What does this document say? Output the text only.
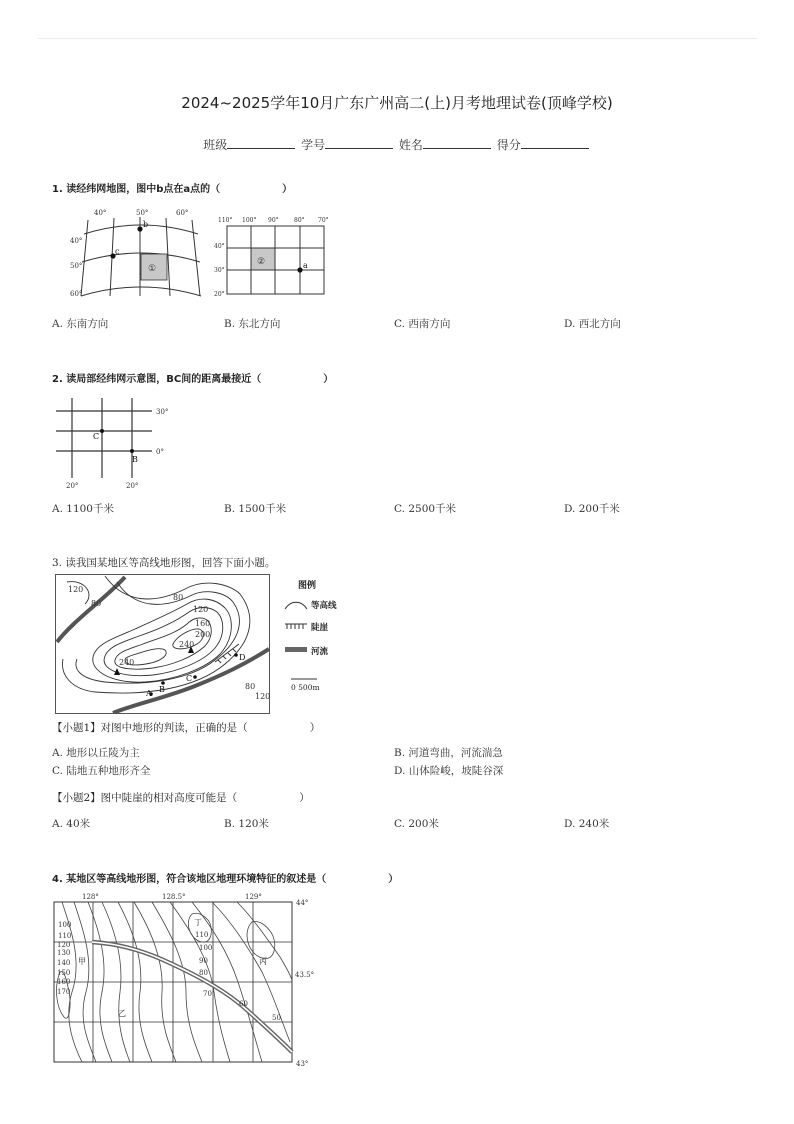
2024~2025学年10月广东广州高二(上)月考地理试卷(顶峰学校)
班级	学号	姓名	得分
1. 读经纬网地图，图中b点在a点的（	）
40°	50°	60°
40°
50°
60°
①
b
c
110° 100° 90°	80° 70°
40°
30°
20°
②	a
A. 东南方向	B. 东北方向	C. 西南方向	D. 西北方向
2. 读局部经纬网示意图，BC间的距离最接近（	）
30°
0°
20°	20°
C
B
A. 1100千米	B. 1500千米	C. 2500千米	D. 200千米
3. 读我国某地区等高线地形图，回答下面小题。
120
80
80
120
160
200
240
240
80
120
A B
C
D
图例
等高线
陡崖
河流
0 500m
【小题1】对图中地形的判读，正确的是（	）
A. 地形以丘陵为主	B. 河道弯曲，河流湍急
C. 陆地五种地形齐全	D. 山体险峻，坡陡谷深
【小题2】图中陡崖的相对高度可能是（	）
A. 40米	B. 120米	C. 200米	D. 240米
4. 某地区等高线地形图，符合该地区地理环境特征的叙述是（	）
128°	128.5°	129°
44°
43.5°
43°
100
110
120
130
140
150
160
170
110
100
90
80
70
60
50
甲
乙
丙
丁
